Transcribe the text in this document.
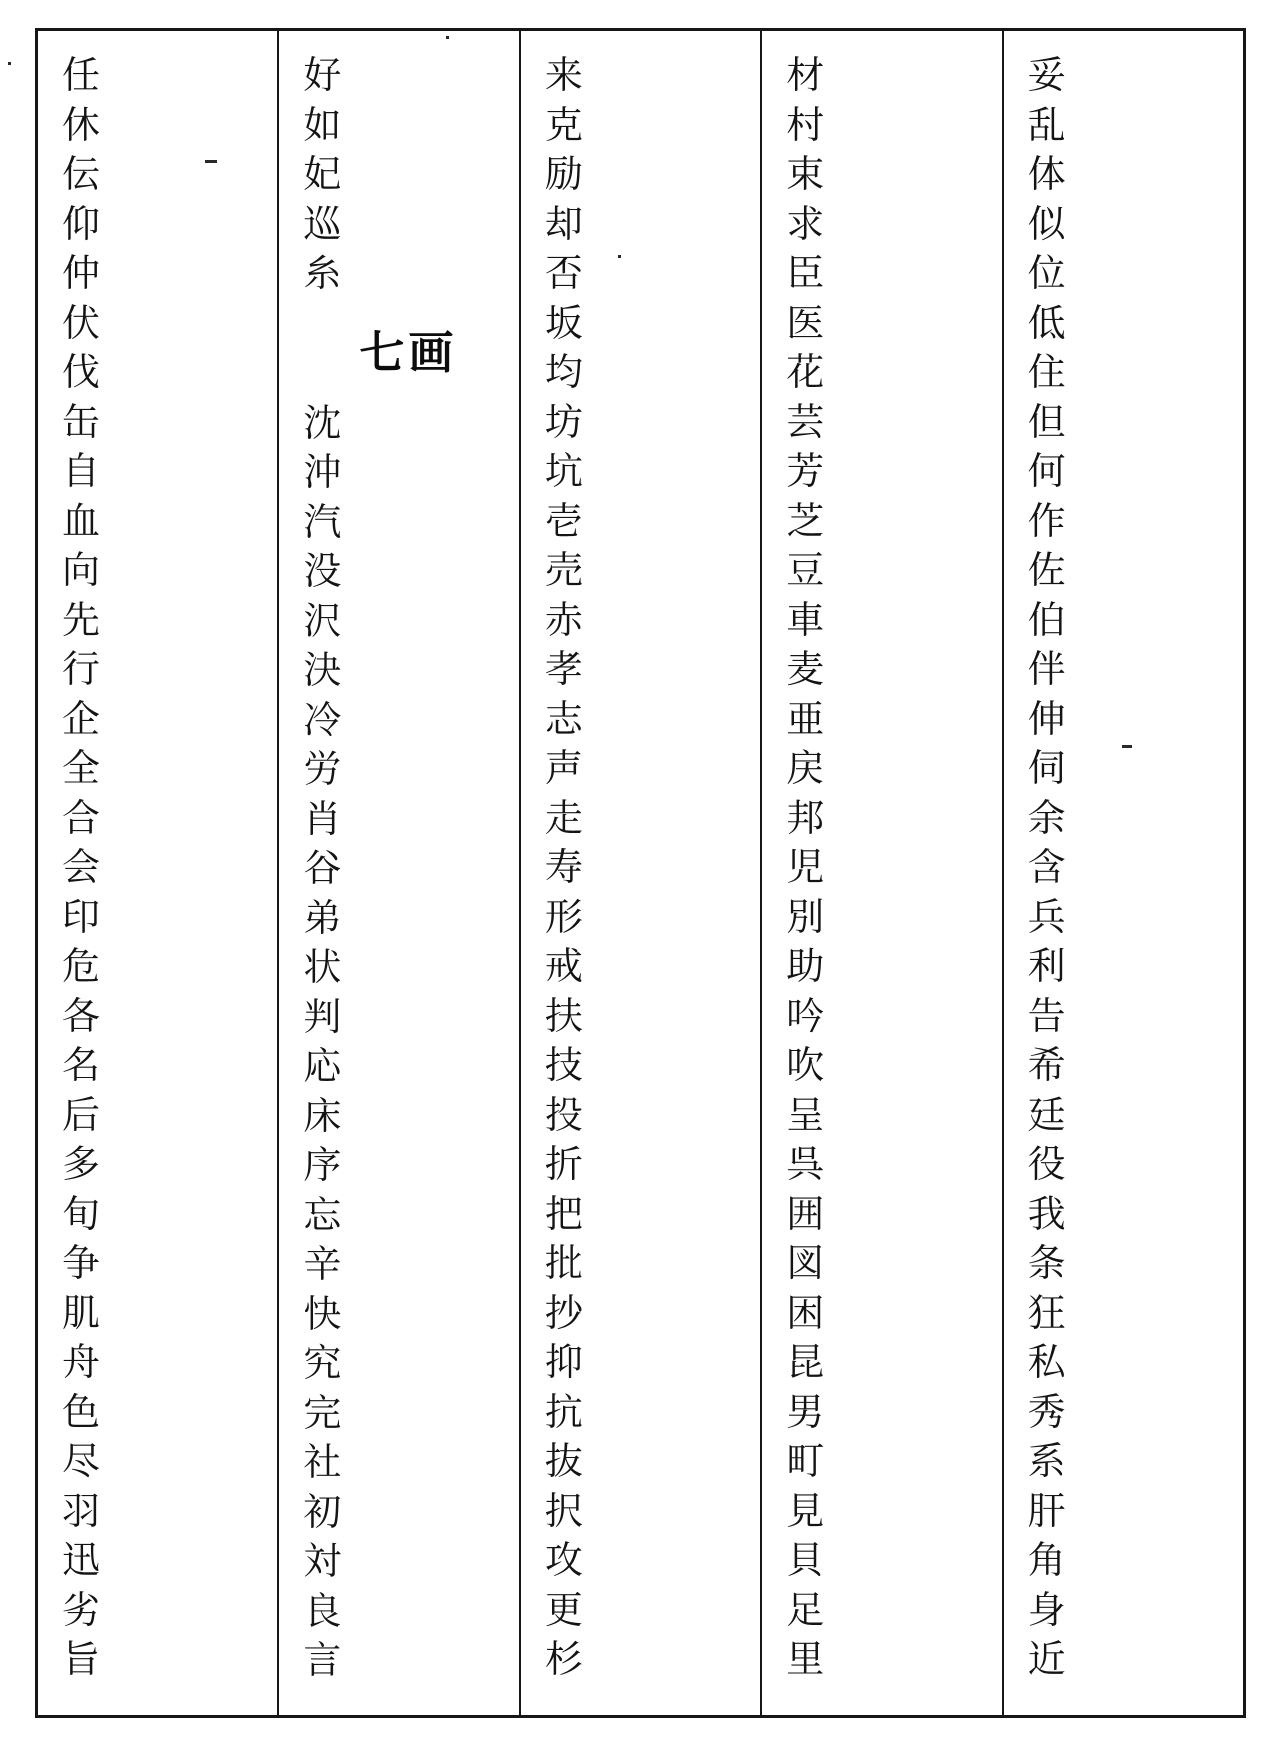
任
休
伝
仰
仲
伏
伐
缶
自
血
向
先
行
企
全
合
会
印
危
各
名
后
多
旬
争
肌
舟
色
尽
羽
迅
劣
旨
好
如
妃
巡
糸
七画
沈
沖
汽
没
沢
決
冷
労
肖
谷
弟
状
判
応
床
序
忘
辛
快
究
完
社
初
対
良
言
来
克
励
却
否
坂
均
坊
坑
壱
売
赤
孝
志
声
走
寿
形
戒
扶
技
投
折
把
批
抄
抑
抗
抜
択
攻
更
杉
材
村
束
求
臣
医
花
芸
芳
芝
豆
車
麦
亜
戻
邦
児
別
助
吟
吹
呈
呉
囲
図
困
昆
男
町
見
貝
足
里
妥
乱
体
似
位
低
住
但
何
作
佐
伯
伴
伸
伺
余
含
兵
利
告
希
廷
役
我
条
狂
私
秀
系
肝
角
身
近
